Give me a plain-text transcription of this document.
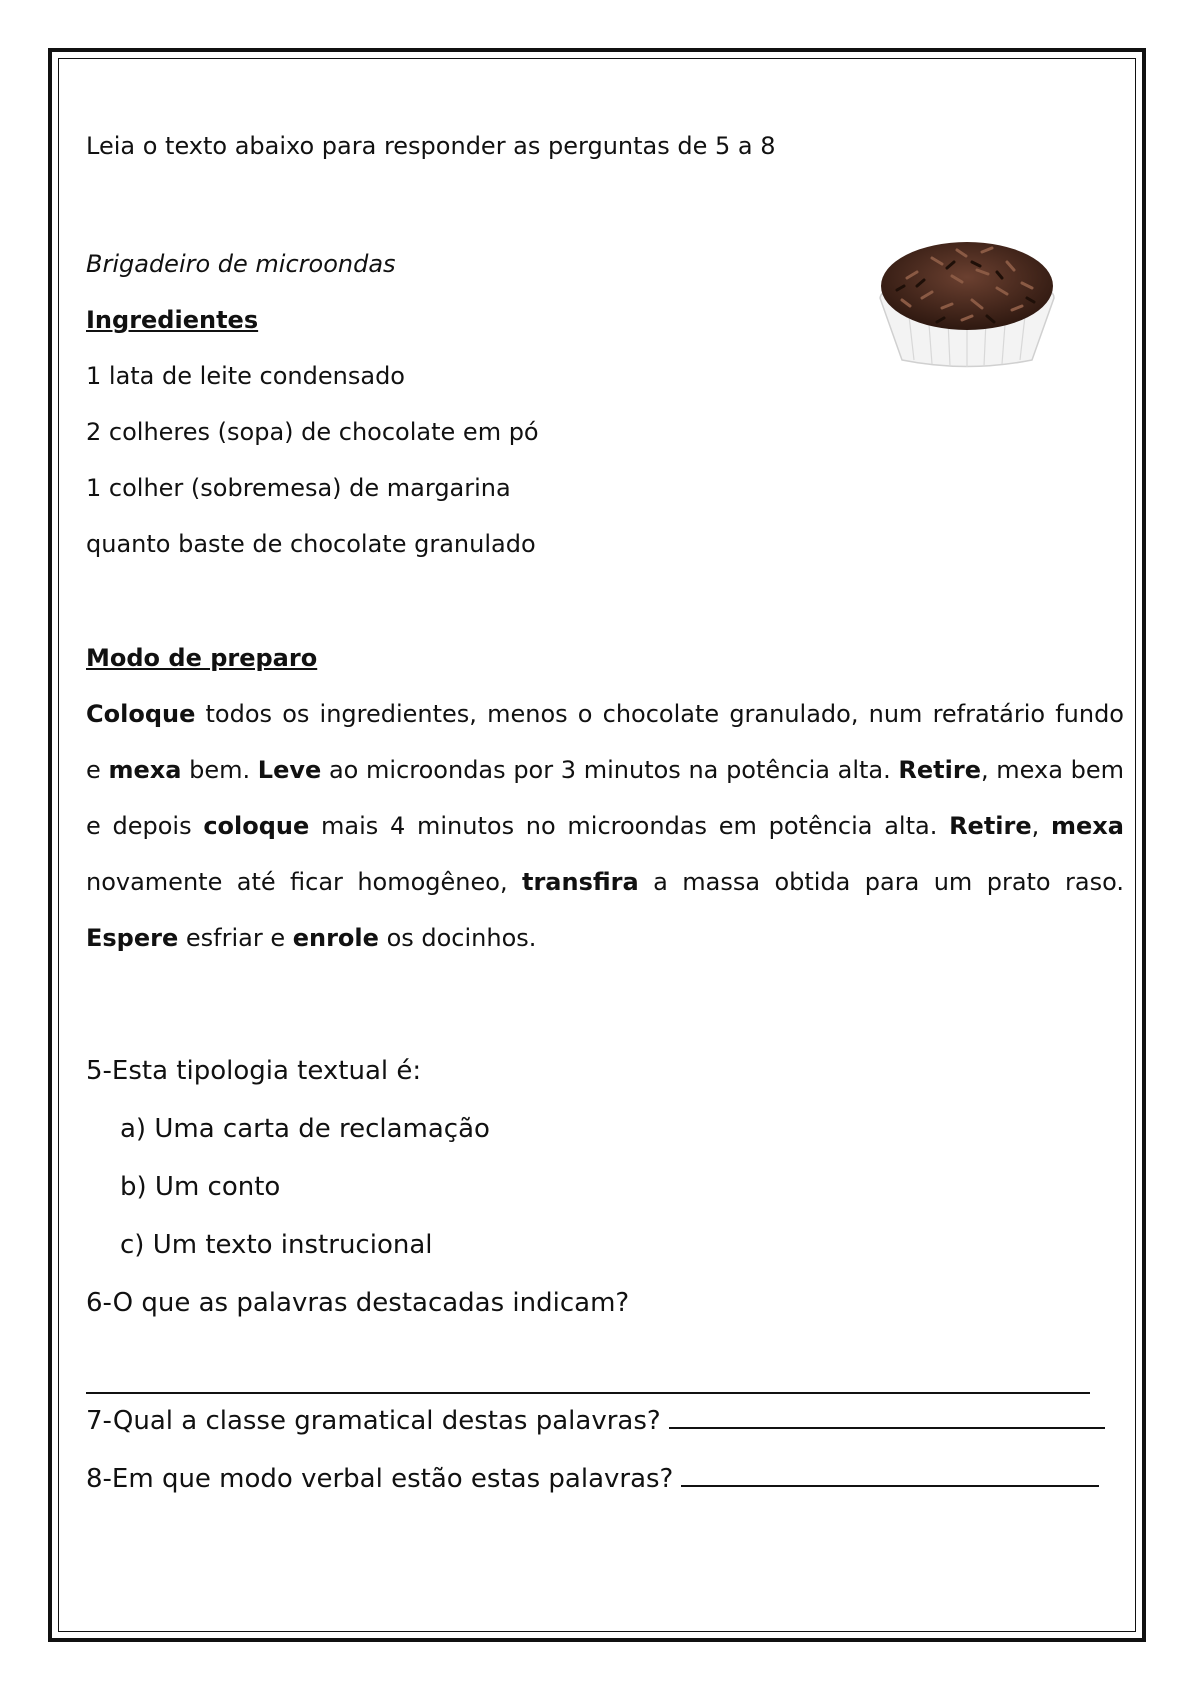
Leia o texto abaixo para responder as perguntas de 5 a 8
Brigadeiro de microondas
Ingredientes
1 lata de leite condensado
2 colheres (sopa) de chocolate em pó
1 colher (sobremesa) de margarina
quanto baste de chocolate granulado
Modo de preparo
Coloque todos os ingredientes, menos o chocolate granulado, num refratário fundo
e mexa bem. Leve ao microondas por 3 minutos na potência alta. Retire, mexa bem
e depois coloque mais 4 minutos no microondas em potência alta. Retire, mexa
novamente até ficar homogêneo, transfira a massa obtida para um prato raso.
Espere esfriar e enrole os docinhos.
5-Esta tipologia textual é:
a) Uma carta de reclamação
b) Um conto
c) Um texto instrucional
6-O que as palavras destacadas indicam?
7-Qual a classe gramatical destas palavras?
8-Em que modo verbal estão estas palavras?
